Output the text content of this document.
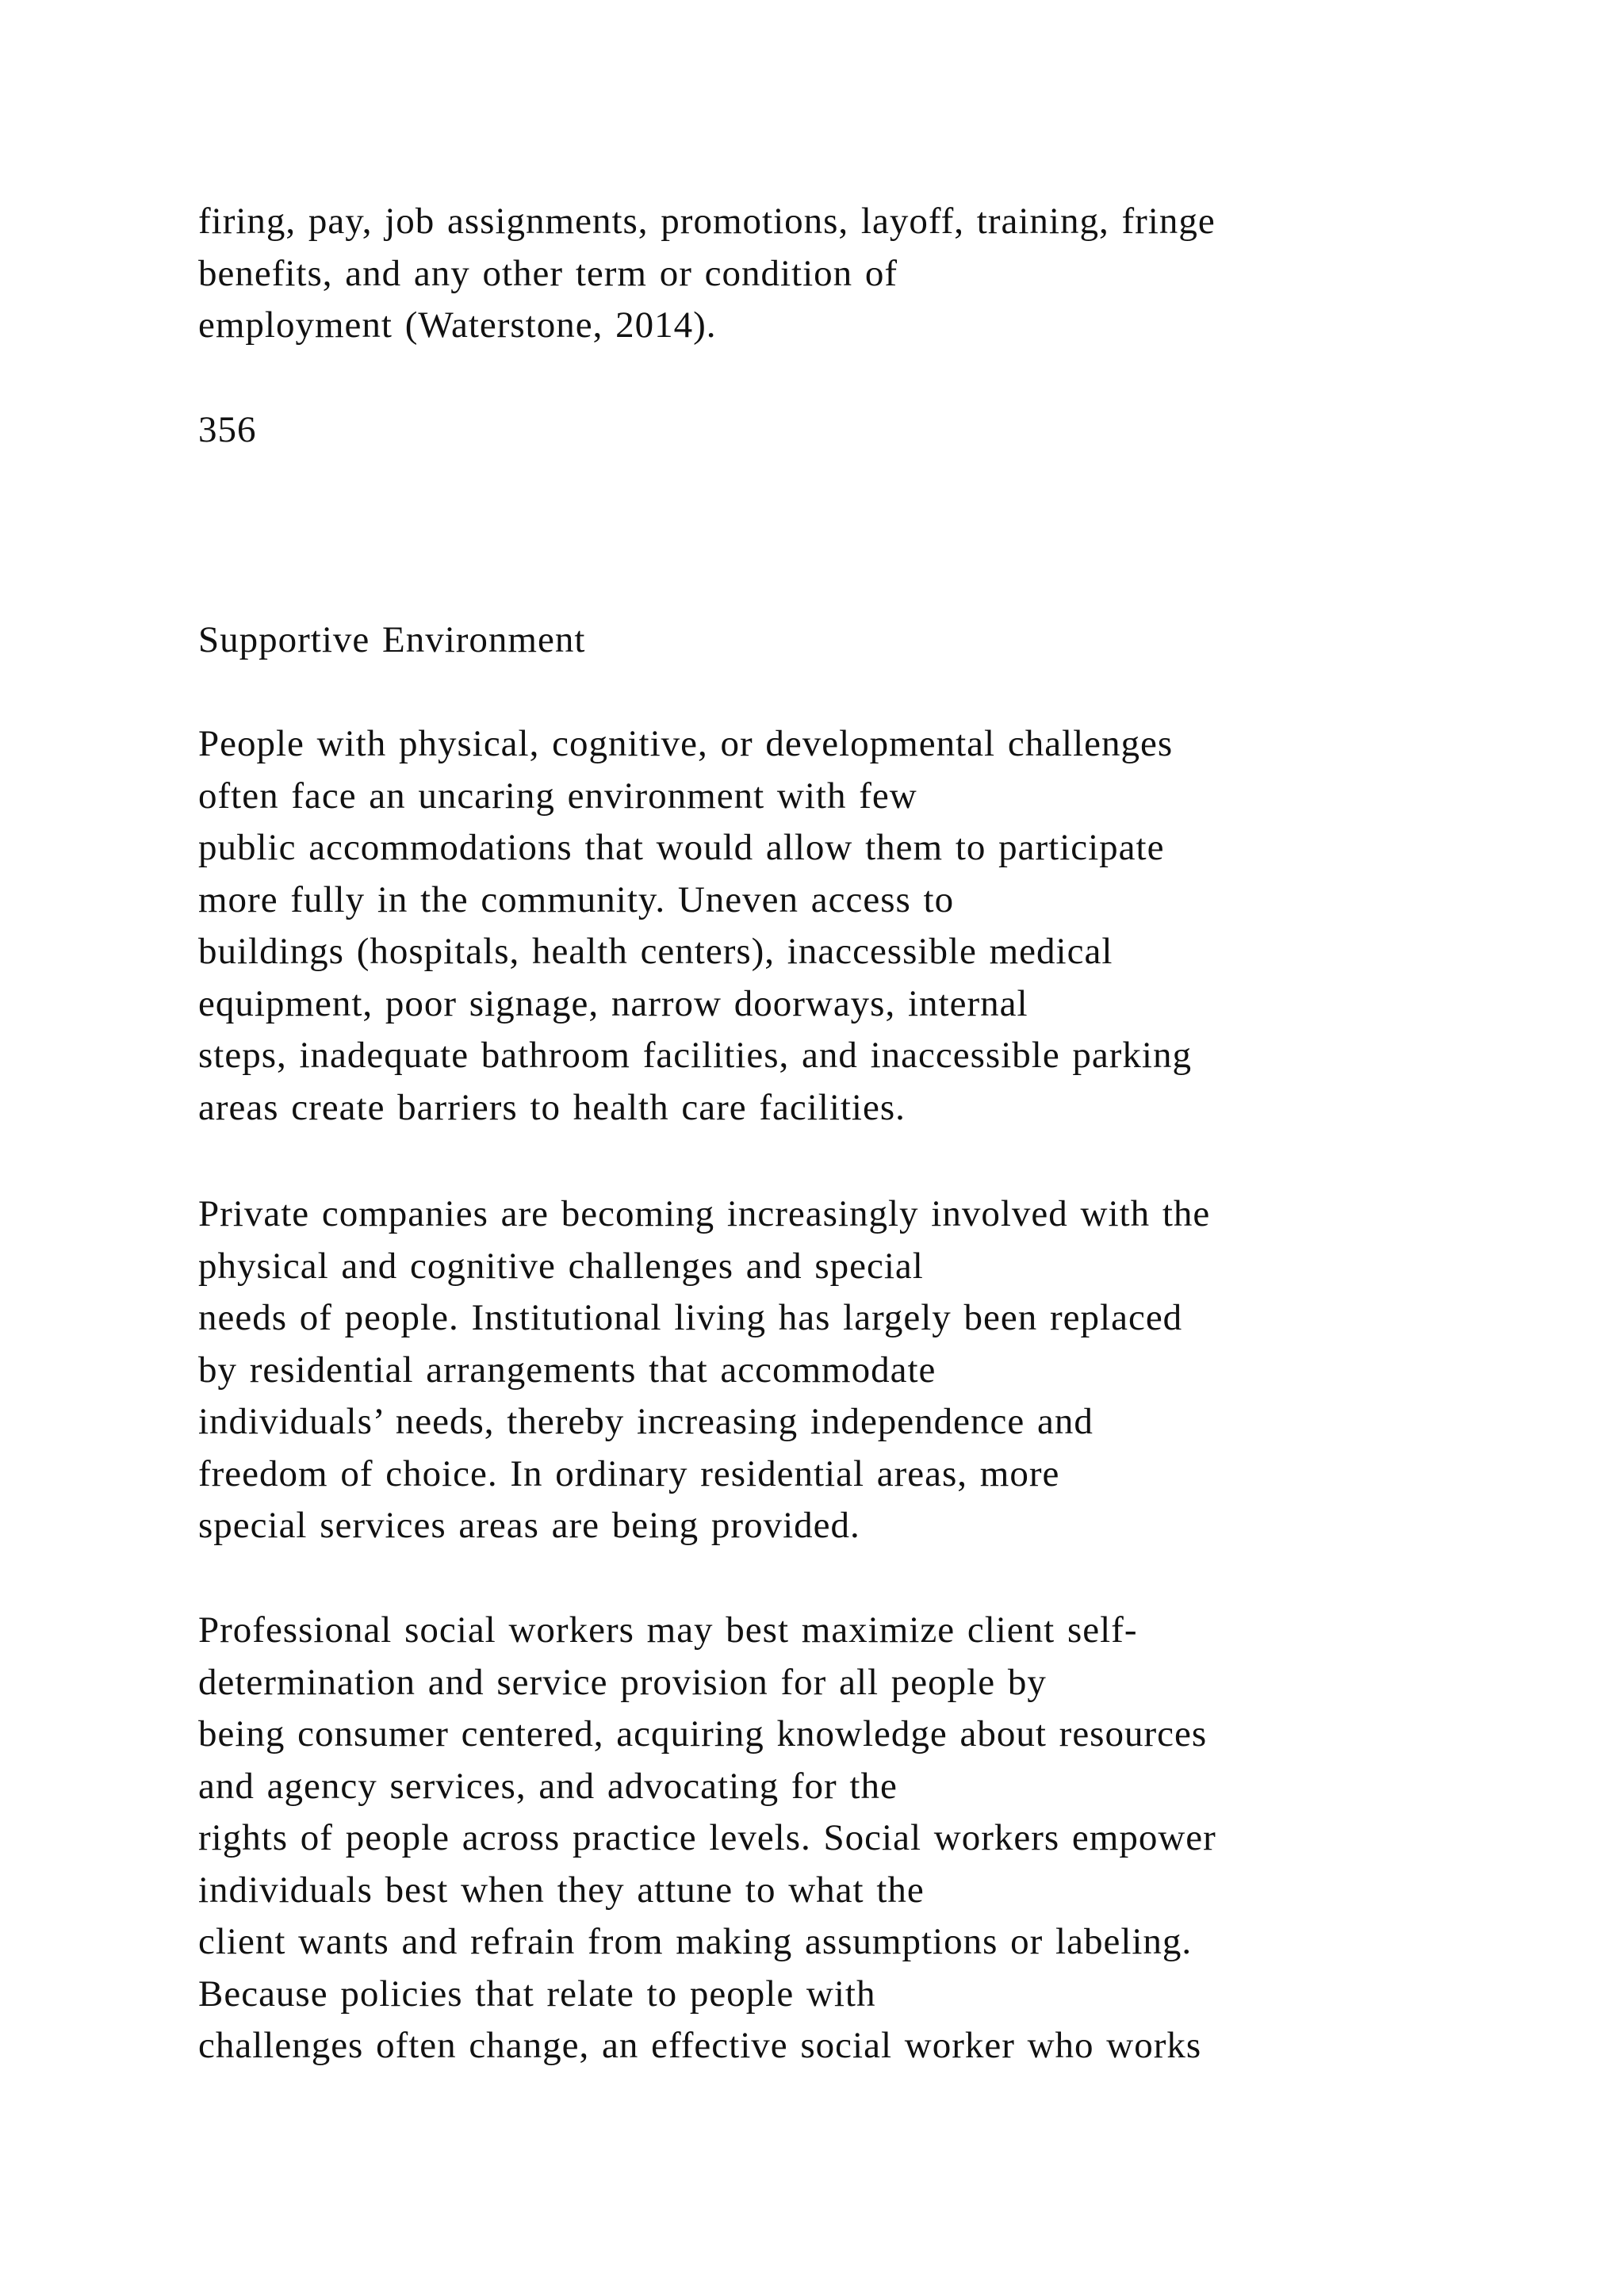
firing, pay, job assignments, promotions, layoff, training, fringe
benefits, and any other term or condition of
employment (Waterstone, 2014).
356
Supportive Environment
People with physical, cognitive, or developmental challenges
often face an uncaring environment with few
public accommodations that would allow them to participate
more fully in the community. Uneven access to
buildings (hospitals, health centers), inaccessible medical
equipment, poor signage, narrow doorways, internal
steps, inadequate bathroom facilities, and inaccessible parking
areas create barriers to health care facilities.
Private companies are becoming increasingly involved with the
physical and cognitive challenges and special
needs of people. Institutional living has largely been replaced
by residential arrangements that accommodate
individuals’ needs, thereby increasing independence and
freedom of choice. In ordinary residential areas, more
special services areas are being provided.
Professional social workers may best maximize client self-
determination and service provision for all people by
being consumer centered, acquiring knowledge about resources
and agency services, and advocating for the
rights of people across practice levels. Social workers empower
individuals best when they attune to what the
client wants and refrain from making assumptions or labeling.
Because policies that relate to people with
challenges often change, an effective social worker who works
